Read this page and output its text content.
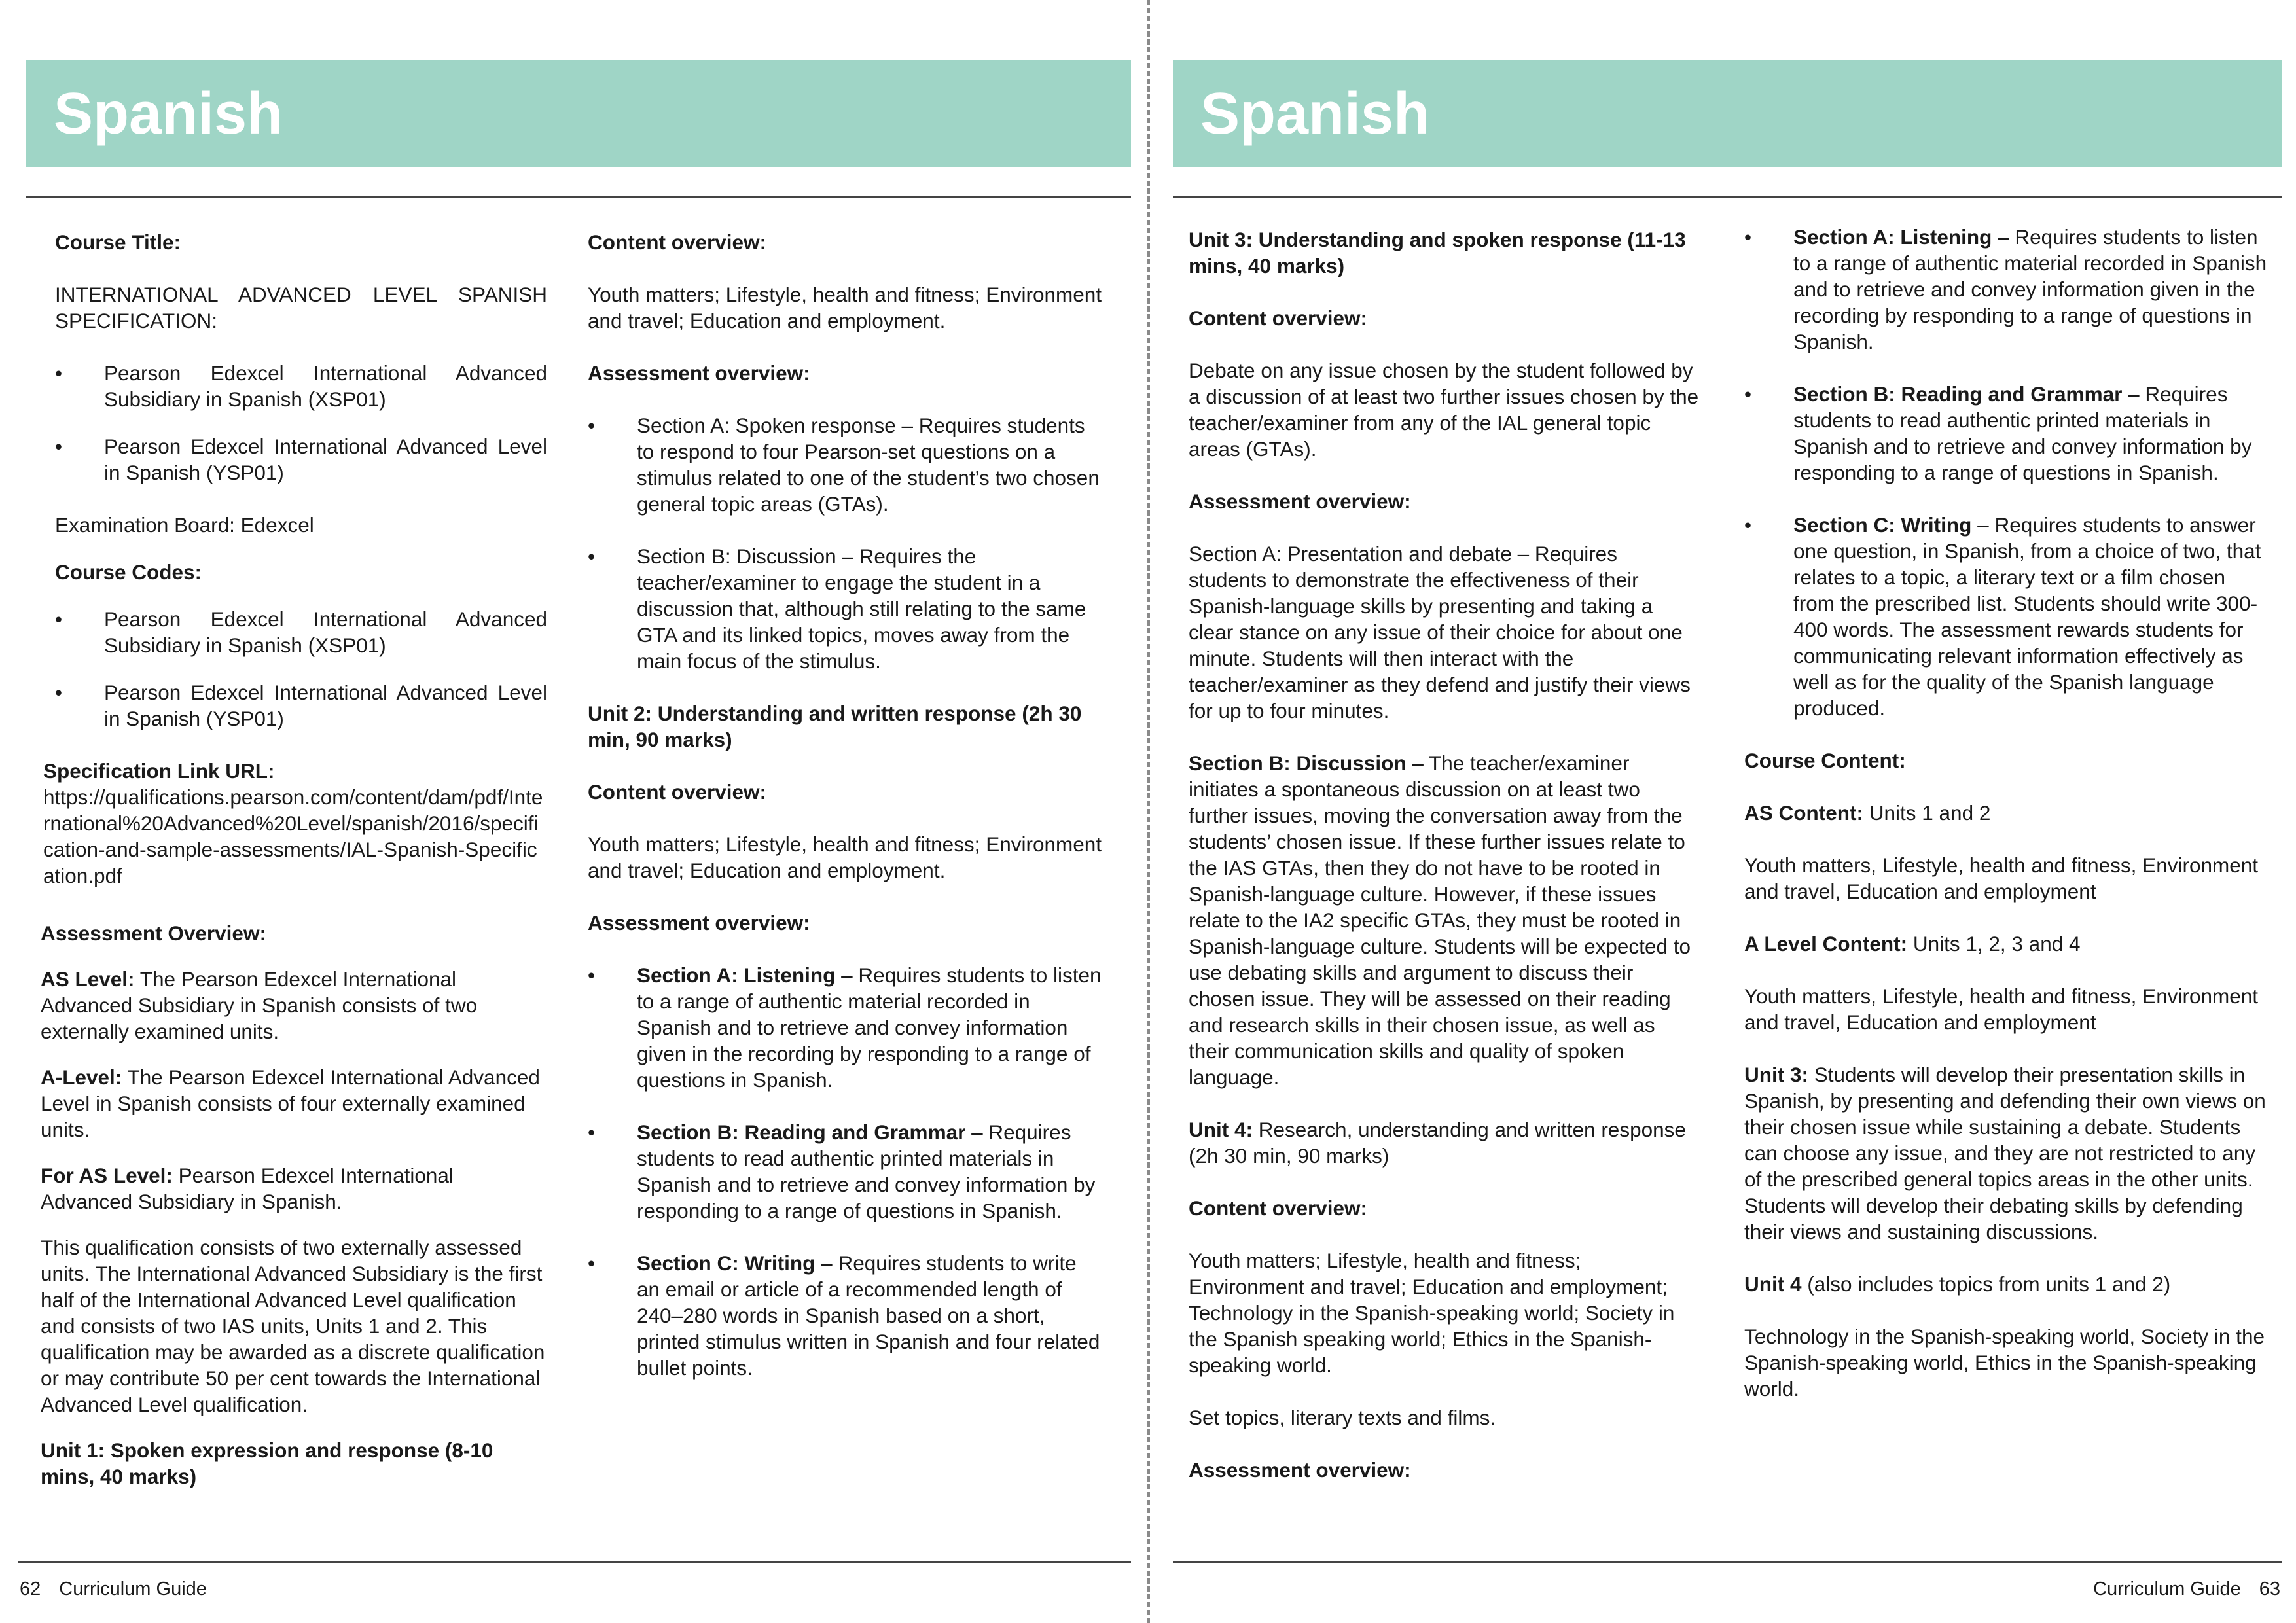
Spanish

Course Title:

INTERNATIONAL ADVANCED LEVEL SPANISH SPECIFICATION:

• Pearson Edexcel International Advanced Subsidiary in Spanish (XSP01)
• Pearson Edexcel International Advanced Level in Spanish (YSP01)

Examination Board: Edexcel

Course Codes:

• Pearson Edexcel International Advanced Subsidiary in Spanish (XSP01)
• Pearson Edexcel International Advanced Level in Spanish (YSP01)
Specification Link URL:

https://qualifications.pearson.com/content/dam/pdf/International%20Advanced%20Level/spanish/2016/specification-and-sample-assessments/IAL-Spanish-Specification.pdf

Assessment Overview:

AS Level: The Pearson Edexcel International Advanced Subsidiary in Spanish consists of two externally examined units.

A-Level: The Pearson Edexcel International Advanced Level in Spanish consists of four externally examined units.

For AS Level: Pearson Edexcel International Advanced Subsidiary in Spanish.

This qualification consists of two externally assessed units. The International Advanced Subsidiary is the first half of the International Advanced Level qualification and consists of two IAS units, Units 1 and 2. This qualification may be awarded as a discrete qualification or may contribute 50 per cent towards the International Advanced Level qualification.

Unit 1: Spoken expression and response (8-10 mins, 40 marks)

Content overview:

Youth matters; Lifestyle, health and fitness; Environment and travel; Education and employment.

Assessment overview:

• Section A: Spoken response – Requires students to respond to four Pearson-set questions on a stimulus related to one of the student’s two chosen general topic areas (GTAs).
• Section B: Discussion – Requires the teacher/examiner to engage the student in a discussion that, although still relating to the same GTA and its linked topics, moves away from the main focus of the stimulus.

Unit 2: Understanding and written response (2h 30 min, 90 marks)

Content overview:

Youth matters; Lifestyle, health and fitness; Environment and travel; Education and employment.

Assessment overview:

• Section A: Listening – Requires students to listen to a range of authentic material recorded in Spanish and to retrieve and convey information given in the recording by responding to a range of questions in Spanish.
• Section B: Reading and Grammar – Requires students to read authentic printed materials in Spanish and to retrieve and convey information by responding to a range of questions in Spanish.
• Section C: Writing – Requires students to write an email or article of a recommended length of 240–280 words in Spanish based on a short, printed stimulus written in Spanish and four related bullet points.
62 Curriculum Guide
Spanish

Unit 3: Understanding and spoken response (11-13 mins, 40 marks)

Content overview:

Debate on any issue chosen by the student followed by a discussion of at least two further issues chosen by the teacher/examiner from any of the IAL general topic areas (GTAs).

Assessment overview:

Section A: Presentation and debate – Requires students to demonstrate the effectiveness of their Spanish-language skills by presenting and taking a clear stance on any issue of their choice for about one minute. Students will then interact with the teacher/examiner as they defend and justify their views for up to four minutes.

Section B: Discussion – The teacher/examiner initiates a spontaneous discussion on at least two further issues, moving the conversation away from the students’ chosen issue. If these further issues relate to the IAS GTAs, then they do not have to be rooted in Spanish-language culture. However, if these issues relate to the IA2 specific GTAs, they must be rooted in Spanish-language culture. Students will be expected to use debating skills and argument to discuss their chosen issue. They will be assessed on their reading and research skills in their chosen issue, as well as their communication skills and quality of spoken language.

Unit 4: Research, understanding and written response (2h 30 min, 90 marks)

Content overview:

Youth matters; Lifestyle, health and fitness; Environment and travel; Education and employment; Technology in the Spanish-speaking world; Society in the Spanish speaking world; Ethics in the Spanish-speaking world.

Set topics, literary texts and films.

Assessment overview:

• Section A: Listening – Requires students to listen to a range of authentic material recorded in Spanish and to retrieve and convey information given in the recording by responding to a range of questions in Spanish.
• Section B: Reading and Grammar – Requires students to read authentic printed materials in Spanish and to retrieve and convey information by responding to a range of questions in Spanish.
• Section C: Writing – Requires students to answer one question, in Spanish, from a choice of two, that relates to a topic, a literary text or a film chosen from the prescribed list. Students should write 300-400 words. The assessment rewards students for communicating relevant information effectively as well as for the quality of the Spanish language produced.

Course Content:

AS Content: Units 1 and 2

Youth matters, Lifestyle, health and fitness, Environment and travel, Education and employment

A Level Content: Units 1, 2, 3 and 4

Youth matters, Lifestyle, health and fitness, Environment and travel, Education and employment

Unit 3: Students will develop their presentation skills in Spanish, by presenting and defending their own views on their chosen issue while sustaining a debate. Students can choose any issue, and they are not restricted to any of the prescribed general topics areas in the other units. Students will develop their debating skills by defending their views and sustaining discussions.

Unit 4 (also includes topics from units 1 and 2)

Technology in the Spanish-speaking world, Society in the Spanish-speaking world, Ethics in the Spanish-speaking world.

Curriculum Guide 63
